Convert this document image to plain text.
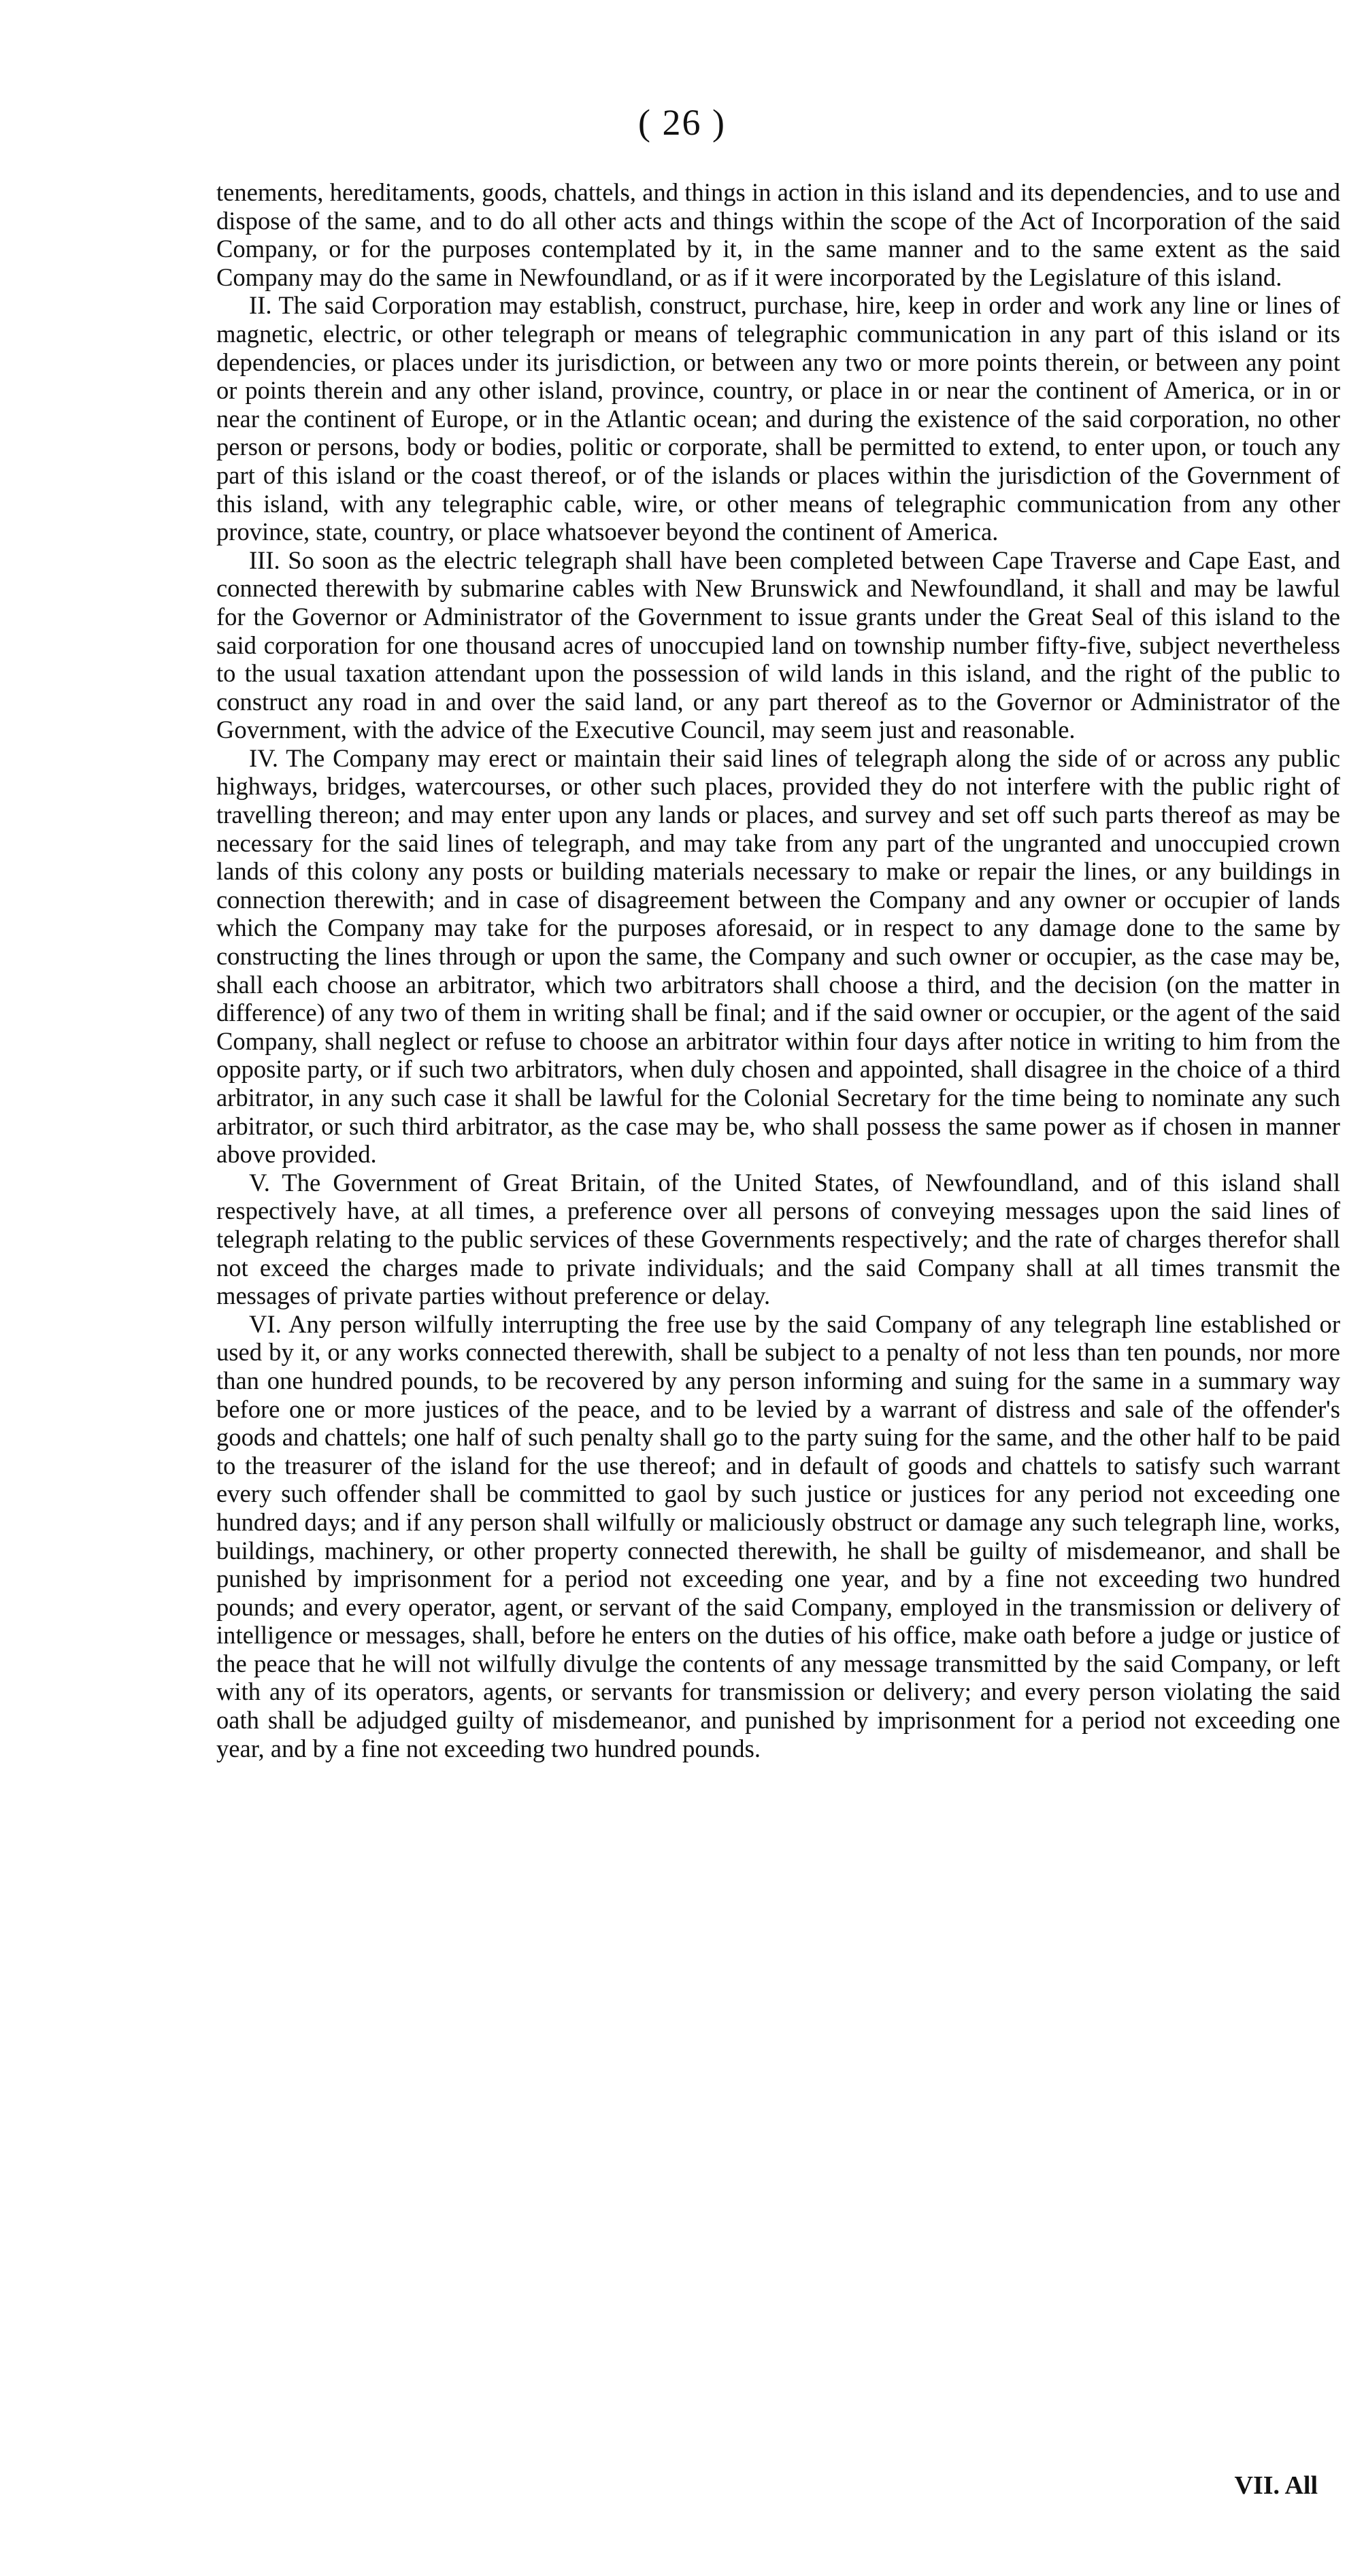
( 26 )

tenements, hereditaments, goods, chattels, and things in action in this island and its dependencies, and to use and dispose of the same, and to do all other acts and things within the scope of the Act of Incorporation of the said Company, or for the purposes contemplated by it, in the same manner and to the same extent as the said Company may do the same in Newfoundland, or as if it were incorporated by the Legislature of this island.

II. The said Corporation may establish, construct, purchase, hire, keep in order and work any line or lines of magnetic, electric, or other telegraph or means of telegraphic communication in any part of this island or its dependencies, or places under its jurisdiction, or between any two or more points therein, or between any point or points therein and any other island, province, country, or place in or near the continent of America, or in or near the continent of Europe, or in the Atlantic ocean; and during the existence of the said corporation, no other person or persons, body or bodies, politic or corporate, shall be permitted to extend, to enter upon, or touch any part of this island or the coast thereof, or of the islands or places within the jurisdiction of the Government of this island, with any telegraphic cable, wire, or other means of telegraphic communication from any other province, state, country, or place whatsoever beyond the continent of America.

III. So soon as the electric telegraph shall have been completed between Cape Traverse and Cape East, and connected therewith by submarine cables with New Brunswick and Newfoundland, it shall and may be lawful for the Governor or Administrator of the Government to issue grants under the Great Seal of this island to the said corporation for one thousand acres of unoccupied land on township number fifty-five, subject nevertheless to the usual taxation attendant upon the possession of wild lands in this island, and the right of the public to construct any road in and over the said land, or any part thereof as to the Governor or Administrator of the Government, with the advice of the Executive Council, may seem just and reasonable.

IV. The Company may erect or maintain their said lines of telegraph along the side of or across any public highways, bridges, watercourses, or other such places, provided they do not interfere with the public right of travelling thereon; and may enter upon any lands or places, and survey and set off such parts thereof as may be necessary for the said lines of telegraph, and may take from any part of the ungranted and unoccupied crown lands of this colony any posts or building materials necessary to make or repair the lines, or any buildings in connection therewith; and in case of disagreement between the Company and any owner or occupier of lands which the Company may take for the purposes aforesaid, or in respect to any damage done to the same by constructing the lines through or upon the same, the Company and such owner or occupier, as the case may be, shall each choose an arbitrator, which two arbitrators shall choose a third, and the decision (on the matter in difference) of any two of them in writing shall be final; and if the said owner or occupier, or the agent of the said Company, shall neglect or refuse to choose an arbitrator within four days after notice in writing to him from the opposite party, or if such two arbitrators, when duly chosen and appointed, shall disagree in the choice of a third arbitrator, in any such case it shall be lawful for the Colonial Secretary for the time being to nominate any such arbitrator, or such third arbitrator, as the case may be, who shall possess the same power as if chosen in manner above provided.

V. The Government of Great Britain, of the United States, of Newfoundland, and of this island shall respectively have, at all times, a preference over all persons of conveying messages upon the said lines of telegraph relating to the public services of these Governments respectively; and the rate of charges therefor shall not exceed the charges made to private individuals; and the said Company shall at all times transmit the messages of private parties without preference or delay.

VI. Any person wilfully interrupting the free use by the said Company of any telegraph line established or used by it, or any works connected therewith, shall be subject to a penalty of not less than ten pounds, nor more than one hundred pounds, to be recovered by any person informing and suing for the same in a summary way before one or more justices of the peace, and to be levied by a warrant of distress and sale of the offender's goods and chattels; one half of such penalty shall go to the party suing for the same, and the other half to be paid to the treasurer of the island for the use thereof; and in default of goods and chattels to satisfy such warrant every such offender shall be committed to gaol by such justice or justices for any period not exceeding one hundred days; and if any person shall wilfully or maliciously obstruct or damage any such telegraph line, works, buildings, machinery, or other property connected therewith, he shall be guilty of misdemeanor, and shall be punished by imprisonment for a period not exceeding one year, and by a fine not exceeding two hundred pounds; and every operator, agent, or servant of the said Company, employed in the transmission or delivery of intelligence or messages, shall, before he enters on the duties of his office, make oath before a judge or justice of the peace that he will not wilfully divulge the contents of any message transmitted by the said Company, or left with any of its operators, agents, or servants for transmission or delivery; and every person violating the said oath shall be adjudged guilty of misdemeanor, and punished by imprisonment for a period not exceeding one year, and by a fine not exceeding two hundred pounds.

VII. All
